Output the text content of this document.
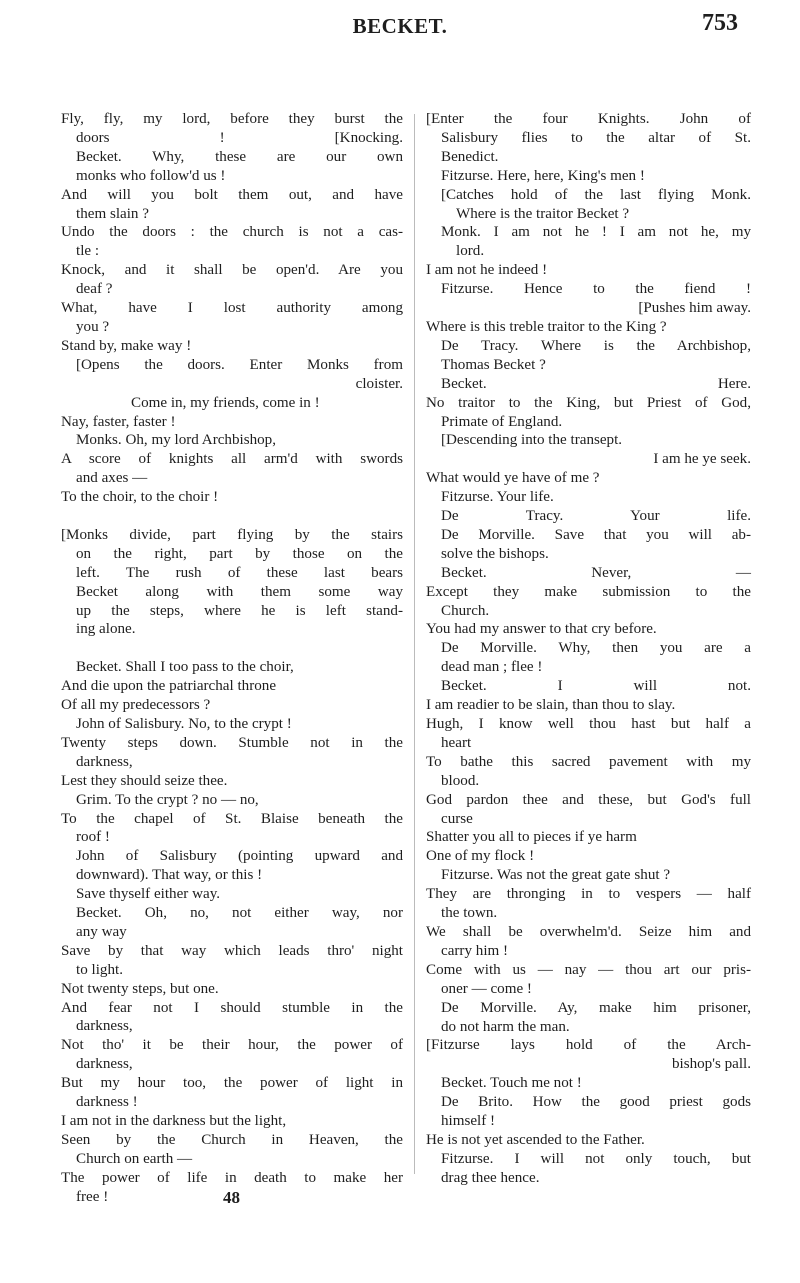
BECKET.	753
Fly, fly, my lord, before they burst the
doors ! [Knocking.
Becket. Why, these are our own
monks who follow'd us !
And will you bolt them out, and have
them slain ?
Undo the doors : the church is not a cas-
tle :
Knock, and it shall be open'd. Are you
deaf ?
What, have I lost authority among
you ?
Stand by, make way !
[Opens the doors. Enter Monks from
cloister.
Come in, my friends, come in !
Nay, faster, faster !
Monks. Oh, my lord Archbishop,
A score of knights all arm'd with swords
and axes —
To the choir, to the choir !
[Monks divide, part flying by the stairs
on the right, part by those on the
left. The rush of these last bears
Becket along with them some way
up the steps, where he is left stand-
ing alone.
Becket. Shall I too pass to the choir,
And die upon the patriarchal throne
Of all my predecessors ?
John of Salisbury. No, to the crypt !
Twenty steps down. Stumble not in the
darkness,
Lest they should seize thee.
Grim. To the crypt ? no — no,
To the chapel of St. Blaise beneath the
roof !
John of Salisbury (pointing upward and
downward). That way, or this !
Save thyself either way.
Becket. Oh, no, not either way, nor
any way
Save by that way which leads thro' night
to light.
Not twenty steps, but one.
And fear not I should stumble in the
darkness,
Not tho' it be their hour, the power of
darkness,
But my hour too, the power of light in
darkness !
I am not in the darkness but the light,
Seen by the Church in Heaven, the
Church on earth —
The power of life in death to make her
free !
[Enter the four Knights. John of
Salisbury flies to the altar of St.
Benedict.
Fitzurse. Here, here, King's men !
[Catches hold of the last flying Monk.
Where is the traitor Becket ?
Monk. I am not he ! I am not he, my
lord.
I am not he indeed !
Fitzurse. Hence to the fiend !
[Pushes him away.
Where is this treble traitor to the King ?
De Tracy. Where is the Archbishop,
Thomas Becket ?
Becket. Here.
No traitor to the King, but Priest of God,
Primate of England.
[Descending into the transept.
I am he ye seek.
What would ye have of me ?
Fitzurse. Your life.
De Tracy. Your life.
De Morville. Save that you will ab-
solve the bishops.
Becket. Never, —
Except they make submission to the
Church.
You had my answer to that cry before.
De Morville. Why, then you are a
dead man ; flee !
Becket. I will not.
I am readier to be slain, than thou to slay.
Hugh, I know well thou hast but half a
heart
To bathe this sacred pavement with my
blood.
God pardon thee and these, but God's full
curse
Shatter you all to pieces if ye harm
One of my flock !
Fitzurse. Was not the great gate shut ?
They are thronging in to vespers — half
the town.
We shall be overwhelm'd. Seize him and
carry him !
Come with us — nay — thou art our pris-
oner — come !
De Morville. Ay, make him prisoner,
do not harm the man.
[Fitzurse lays hold of the Arch-
bishop's pall.
Becket. Touch me not !
De Brito. How the good priest gods
himself !
He is not yet ascended to the Father.
Fitzurse. I will not only touch, but
drag thee hence.
48
